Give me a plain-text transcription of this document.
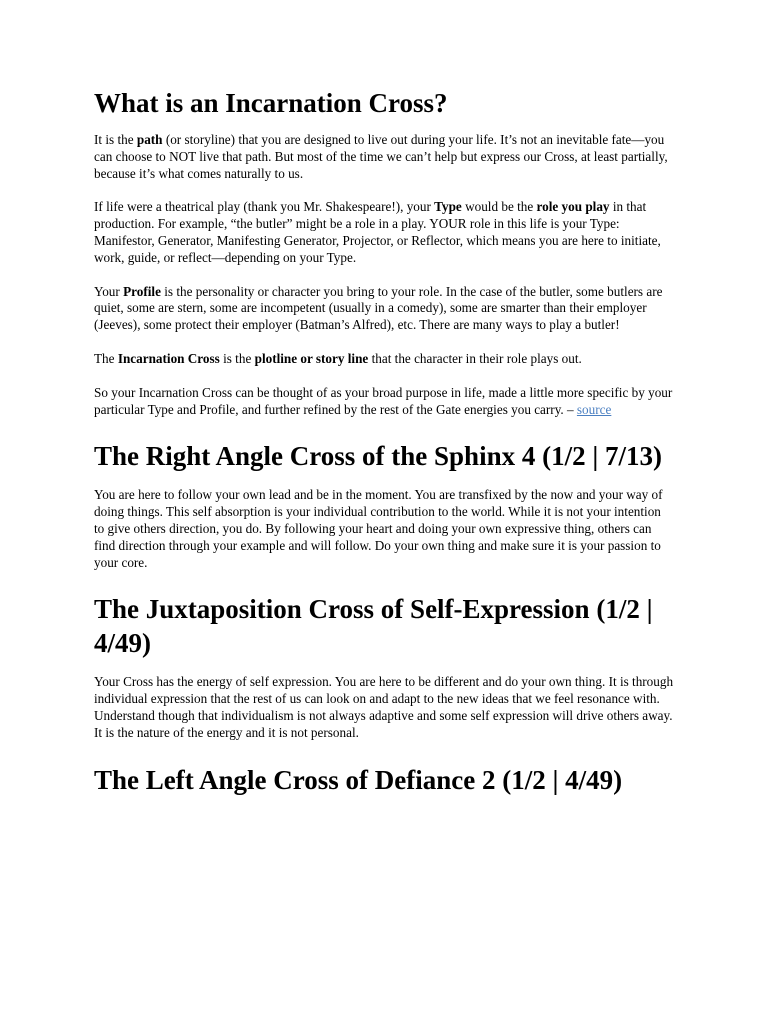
What is an Incarnation Cross?

It is the path (or storyline) that you are designed to live out during your life. It’s not an inevitable fate—you can choose to NOT live that path. But most of the time we can’t help but express our Cross, at least partially, because it’s what comes naturally to us.

If life were a theatrical play (thank you Mr. Shakespeare!), your Type would be the role you play in that production. For example, “the butler” might be a role in a play. YOUR role in this life is your Type: Manifestor, Generator, Manifesting Generator, Projector, or Reflector, which means you are here to initiate, work, guide, or reflect—depending on your Type.

Your Profile is the personality or character you bring to your role. In the case of the butler, some butlers are quiet, some are stern, some are incompetent (usually in a comedy), some are smarter than their employer (Jeeves), some protect their employer (Batman’s Alfred), etc. There are many ways to play a butler!

The Incarnation Cross is the plotline or story line that the character in their role plays out.

So your Incarnation Cross can be thought of as your broad purpose in life, made a little more specific by your particular Type and Profile, and further refined by the rest of the Gate energies you carry. – source

The Right Angle Cross of the Sphinx 4 (1/2 | 7/13)

You are here to follow your own lead and be in the moment. You are transfixed by the now and your way of doing things. This self absorption is your individual contribution to the world. While it is not your intention to give others direction, you do. By following your heart and doing your own expressive thing, others can find direction through your example and will follow. Do your own thing and make sure it is your passion to your core.

The Juxtaposition Cross of Self-Expression (1/2 | 4/49)

Your Cross has the energy of self expression. You are here to be different and do your own thing. It is through individual expression that the rest of us can look on and adapt to the new ideas that we feel resonance with. Understand though that individualism is not always adaptive and some self expression will drive others away. It is the nature of the energy and it is not personal.

The Left Angle Cross of Defiance 2 (1/2 | 4/49)
